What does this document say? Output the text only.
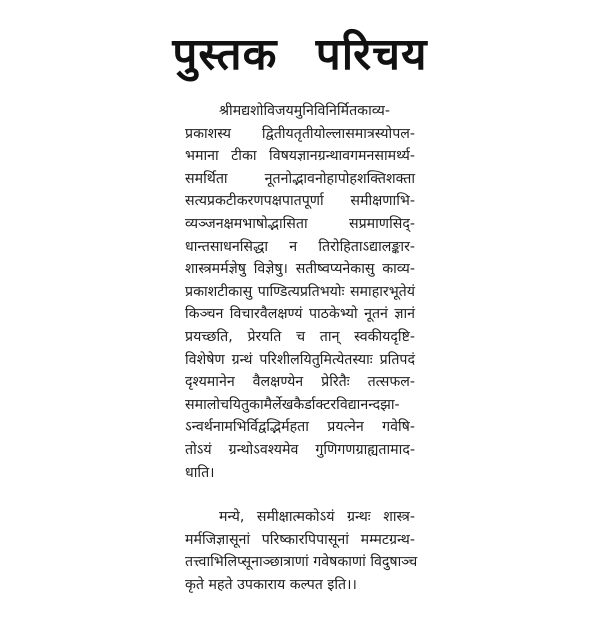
पुस्तक परिचय

श्रीमद्यशोविजयमुनिविनिर्मितकाव्य-
प्रकाशस्य द्वितीयतृतीयोल्लासमात्रस्योपल-
भमाना टीका विषयज्ञानग्रन्थावगमनसामर्थ्य-
समर्थिता नूतनोद्भावनोहापोहशक्तिशक्ता
सत्यप्रकटीकरणपक्षपातपूर्णा समीक्षणाभि-
व्यञ्जनक्षमभाषोद्भासिता सप्रमाणसिद्-
धान्तसाधनसिद्धा न तिरोहिताऽद्यालङ्कार-
शास्त्रमर्मज्ञेषु विज्ञेषु। सतीष्वप्यनेकासु काव्य-
प्रकाशटीकासु पाण्डित्यप्रतिभयोः समाहारभूतेयं
किञ्चन विचारवैलक्षण्यं पाठकेभ्यो नूतनं ज्ञानं
प्रयच्छति, प्रेरयति च तान् स्वकीयदृष्टि-
विशेषेण ग्रन्थं परिशीलयितुमित्येतस्याः प्रतिपदं
दृश्यमानेन वैलक्षण्येन प्रेरितैः तत्सफल-
समालोचयितुकामैर्लेखकैर्डाक्टरविद्यानन्दझा-
ऽन्वर्थनामभिर्विद्वद्भिर्महता प्रयत्नेन गवेषि-
तोऽयं ग्रन्थोऽवश्यमेव गुणिगणग्राह्यतामाद-
धाति।

मन्ये, समीक्षात्मकोऽयं ग्रन्थः शास्त्र-
मर्मजिज्ञासूनां परिष्कारपिपासूनां मम्मटग्रन्थ-
तत्त्वाभिलिप्सूनाञ्छात्राणां गवेषकाणां विदुषाञ्च
कृते महते उपकाराय कल्पत इति।।
